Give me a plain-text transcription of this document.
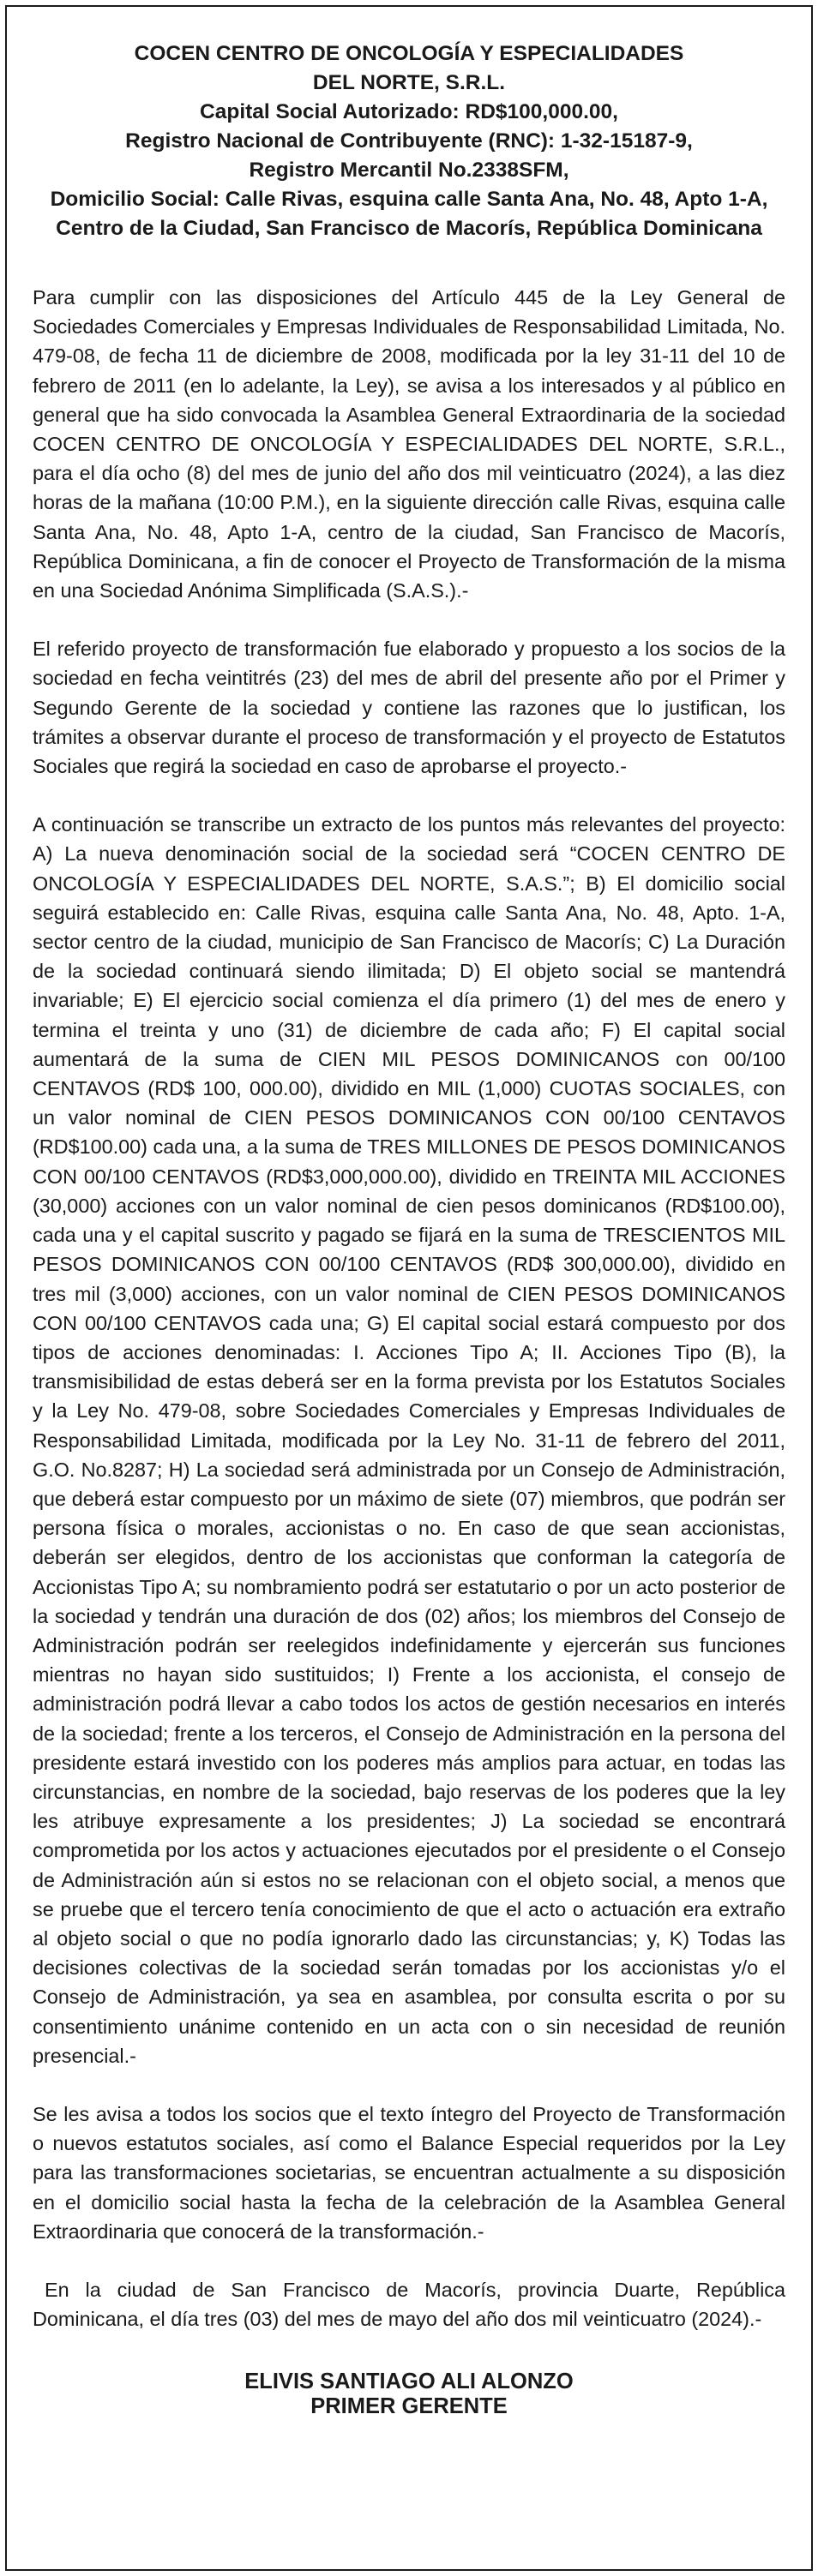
COCEN CENTRO DE ONCOLOGÍA Y ESPECIALIDADES
DEL NORTE, S.R.L.
Capital Social Autorizado: RD$100,000.00,
Registro Nacional de Contribuyente (RNC): 1-32-15187-9,
Registro Mercantil No.2338SFM,
Domicilio Social: Calle Rivas, esquina calle Santa Ana, No. 48, Apto 1-A,
Centro de la Ciudad, San Francisco de Macorís, República Dominicana

Para cumplir con las disposiciones del Artículo 445 de la Ley General de Sociedades Comerciales y Empresas Individuales de Responsabilidad Limitada, No. 479-08, de fecha 11 de diciembre de 2008, modificada por la ley 31-11 del 10 de febrero de 2011 (en lo adelante, la Ley), se avisa a los interesados y al público en general que ha sido convocada la Asamblea General Extraordinaria de la sociedad COCEN CENTRO DE ONCOLOGÍA Y ESPECIALIDADES DEL NORTE, S.R.L., para el día ocho (8) del mes de junio del año dos mil veinticuatro (2024), a las diez horas de la mañana (10:00 P.M.), en la siguiente dirección calle Rivas, esquina calle Santa Ana, No. 48, Apto 1-A, centro de la ciudad, San Francisco de Macorís, República Dominicana, a fin de conocer el Proyecto de Transformación de la misma en una Sociedad Anónima Simplificada (S.A.S.).-

El referido proyecto de transformación fue elaborado y propuesto a los socios de la sociedad en fecha veintitrés (23) del mes de abril del presente año por el Primer y Segundo Gerente de la sociedad y contiene las razones que lo justifican, los trámites a observar durante el proceso de transformación y el proyecto de Estatutos Sociales que regirá la sociedad en caso de aprobarse el proyecto.-

A continuación se transcribe un extracto de los puntos más relevantes del proyecto: A) La nueva denominación social de la sociedad será “COCEN CENTRO DE ONCOLOGÍA Y ESPECIALIDADES DEL NORTE, S.A.S.”; B) El domicilio social seguirá establecido en: Calle Rivas, esquina calle Santa Ana, No. 48, Apto. 1-A, sector centro de la ciudad, municipio de San Francisco de Macorís; C) La Duración de la sociedad continuará siendo ilimitada; D) El objeto social se mantendrá invariable; E) El ejercicio social comienza el día primero (1) del mes de enero y termina el treinta y uno (31) de diciembre de cada año; F) El capital social aumentará de la suma de CIEN MIL PESOS DOMINICANOS con 00/100 CENTAVOS (RD$ 100, 000.00), dividido en MIL (1,000) CUOTAS SOCIALES, con un valor nominal de CIEN PESOS DOMINICANOS CON 00/100 CENTAVOS (RD$100.00) cada una, a la suma de TRES MILLONES DE PESOS DOMINICANOS CON 00/100 CENTAVOS (RD$3,000,000.00), dividido en TREINTA MIL ACCIONES (30,000) acciones con un valor nominal de cien pesos dominicanos (RD$100.00), cada una y el capital suscrito y pagado se fijará en la suma de TRESCIENTOS MIL PESOS DOMINICANOS CON 00/100 CENTAVOS (RD$ 300,000.00), dividido en tres mil (3,000) acciones, con un valor nominal de CIEN PESOS DOMINICANOS CON 00/100 CENTAVOS cada una; G) El capital social estará compuesto por dos tipos de acciones denominadas: I. Acciones Tipo A; II. Acciones Tipo (B), la transmisibilidad de estas deberá ser en la forma prevista por los Estatutos Sociales y la Ley No. 479-08, sobre Sociedades Comerciales y Empresas Individuales de Responsabilidad Limitada, modificada por la Ley No. 31-11 de febrero del 2011, G.O. No.8287; H) La sociedad será administrada por un Consejo de Administración, que deberá estar compuesto por un máximo de siete (07) miembros, que podrán ser persona física o morales, accionistas o no. En caso de que sean accionistas, deberán ser elegidos, dentro de los accionistas que conforman la categoría de Accionistas Tipo A; su nombramiento podrá ser estatutario o por un acto posterior de la sociedad y tendrán una duración de dos (02) años; los miembros del Consejo de Administración podrán ser reelegidos indefinidamente y ejercerán sus funciones mientras no hayan sido sustituidos; I) Frente a los accionista, el consejo de administración podrá llevar a cabo todos los actos de gestión necesarios en interés de la sociedad; frente a los terceros, el Consejo de Administración en la persona del presidente estará investido con los poderes más amplios para actuar, en todas las circunstancias, en nombre de la sociedad, bajo reservas de los poderes que la ley les atribuye expresamente a los presidentes; J) La sociedad se encontrará comprometida por los actos y actuaciones ejecutados por el presidente o el Consejo de Administración aún si estos no se relacionan con el objeto social, a menos que se pruebe que el tercero tenía conocimiento de que el acto o actuación era extraño al objeto social o que no podía ignorarlo dado las circunstancias; y, K) Todas las decisiones colectivas de la sociedad serán tomadas por los accionistas y/o el Consejo de Administración, ya sea en asamblea, por consulta escrita o por su consentimiento unánime contenido en un acta con o sin necesidad de reunión presencial.-

Se les avisa a todos los socios que el texto íntegro del Proyecto de Transformación o nuevos estatutos sociales, así como el Balance Especial requeridos por la Ley para las transformaciones societarias, se encuentran actualmente a su disposición en el domicilio social hasta la fecha de la celebración de la Asamblea General Extraordinaria que conocerá de la transformación.-

En la ciudad de San Francisco de Macorís, provincia Duarte, República Dominicana, el día tres (03) del mes de mayo del año dos mil veinticuatro (2024).-

ELIVIS SANTIAGO ALI ALONZO
PRIMER GERENTE
